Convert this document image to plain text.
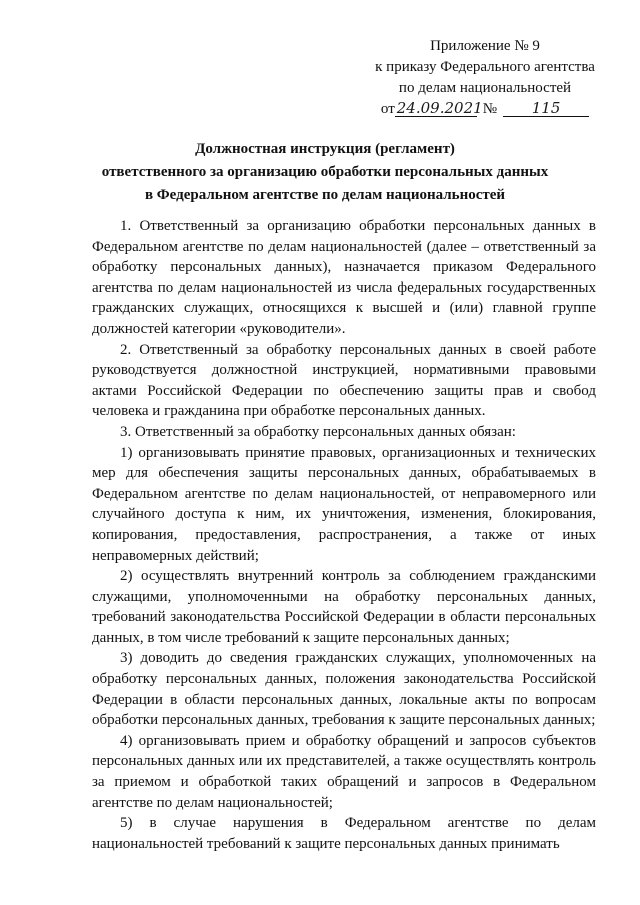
Приложение № 9
к приказу Федерального агентства
по делам национальностей
от 24.09.2021 №	115
Должностная инструкция (регламент)
ответственного за организацию обработки персональных данных
в Федеральном агентстве по делам национальностей

1. Ответственный за организацию обработки персональных данных в Федеральном агентстве по делам национальностей (далее – ответственный за обработку персональных данных), назначается приказом Федерального агентства по делам национальностей из числа федеральных государственных гражданских служащих, относящихся к высшей и (или) главной группе должностей категории «руководители».

2. Ответственный за обработку персональных данных в своей работе руководствуется должностной инструкцией, нормативными правовыми актами Российской Федерации по обеспечению защиты прав и свобод человека и гражданина при обработке персональных данных.

3. Ответственный за обработку персональных данных обязан:

1) организовывать принятие правовых, организационных и технических мер для обеспечения защиты персональных данных, обрабатываемых в Федеральном агентстве по делам национальностей, от неправомерного или случайного доступа к ним, их уничтожения, изменения, блокирования, копирования, предоставления, распространения, а также от иных неправомерных действий;

2) осуществлять внутренний контроль за соблюдением гражданскими служащими, уполномоченными на обработку персональных данных, требований законодательства Российской Федерации в области персональных данных, в том числе требований к защите персональных данных;

3) доводить до сведения гражданских служащих, уполномоченных на обработку персональных данных, положения законодательства Российской Федерации в области персональных данных, локальные акты по вопросам обработки персональных данных, требования к защите персональных данных;

4) организовывать прием и обработку обращений и запросов субъектов персональных данных или их представителей, а также осуществлять контроль за приемом и обработкой таких обращений и запросов в Федеральном агентстве по делам национальностей;

5) в случае нарушения в Федеральном агентстве по делам национальностей требований к защите персональных данных принимать
